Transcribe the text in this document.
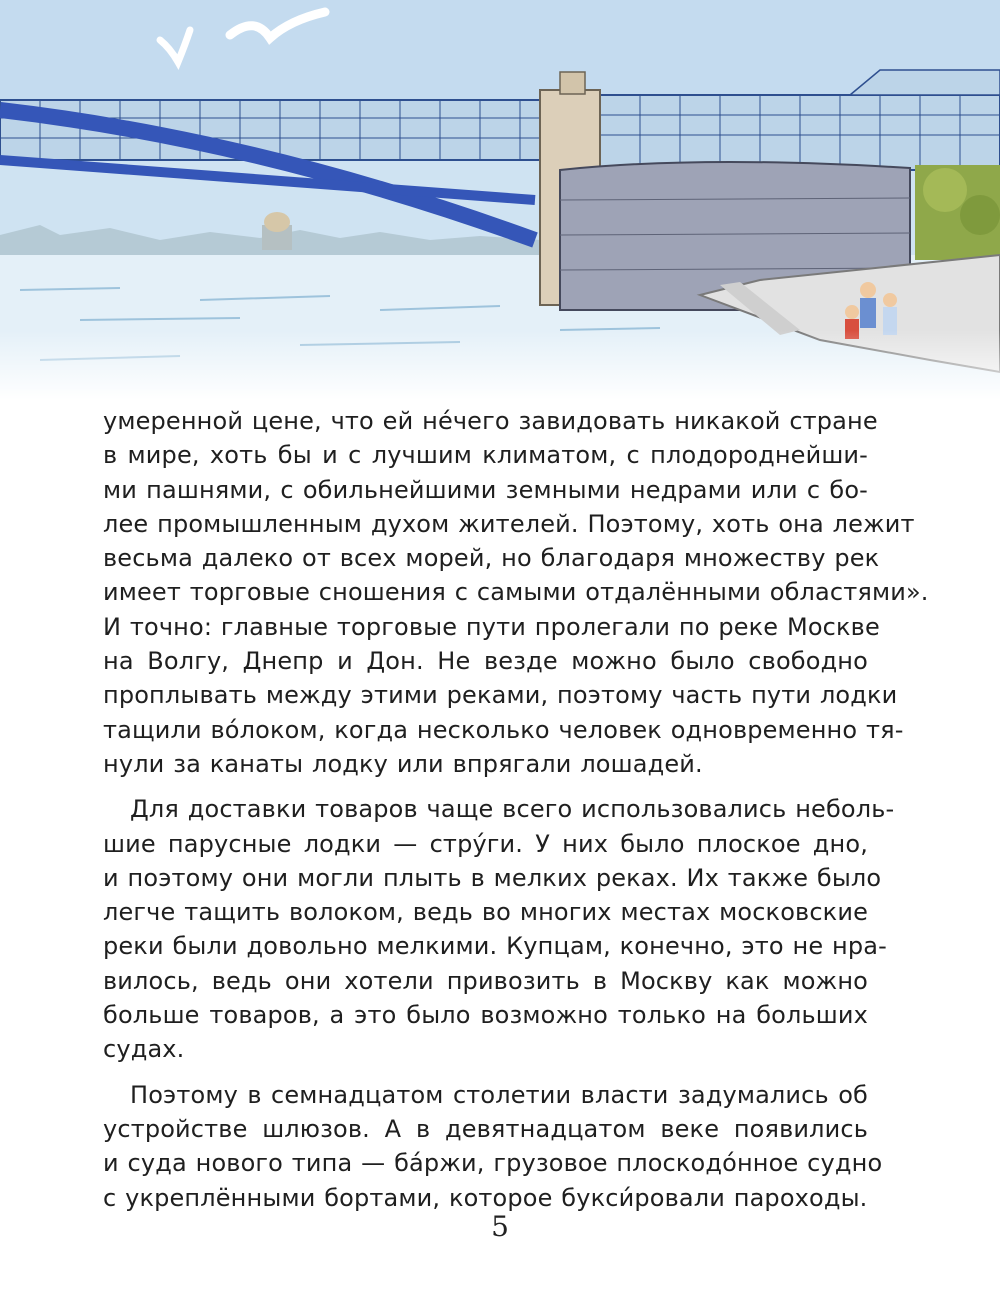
умеренной цене, что ей не́чего завидовать никакой стране
в мире, хоть бы и с лучшим климатом, с плодороднейши-
ми пашнями, с обильнейшими земными недрами или с бо-
лее промышленным духом жителей. Поэтому, хоть она лежит
весьма далеко от всех морей, но благодаря множеству рек
имеет торговые сношения с самыми отдалёнными областями».
И точно: главные торговые пути пролегали по реке Москве
на Волгу, Днепр и Дон. Не везде можно было свободно
проплывать между этими реками, поэтому часть пути лодки
тащили во́локом, когда несколько человек одновременно тя-
нули за канаты лодку или впрягали лошадей.
Для доставки товаров чаще всего использовались неболь-
шие парусные лодки — стру́ги. У них было плоское дно,
и поэтому они могли плыть в мелких реках. Их также было
легче тащить волоком, ведь во многих местах московские
реки были довольно мелкими. Купцам, конечно, это не нра-
вилось, ведь они хотели привозить в Москву как можно
больше товаров, а это было возможно только на больших
судах.
Поэтому в семнадцатом столетии власти задумались об
устройстве шлюзов. А в девятнадцатом веке появились
и суда нового типа — ба́ржи, грузовое плоскодо́нное судно
с укреплёнными бортами, которое букси́ровали пароходы.
5
